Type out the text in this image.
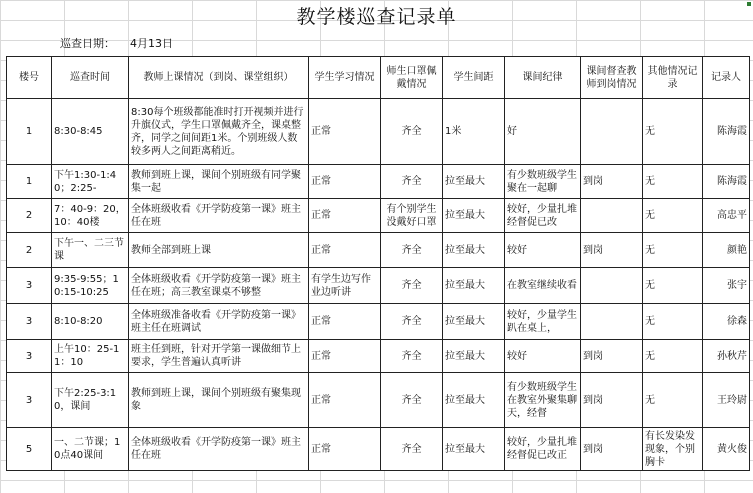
教学楼巡查记录单
巡查日期： 4月13日
楼号	巡查时间	教师上课情况（到岗、课堂组织）	学生学习情况	师生口罩佩戴情况	学生间距	课间纪律	课间督查教师到岗情况	其他情况记录	记录人

1	8:30-8:45	8:30每个班级都能准时打开视频并进行升旗仪式，学生口罩佩戴齐全，课桌整齐，同学之间间距1米。个别班级人数较多两人之间距离稍近。	正常	齐全	1米	好		无	陈海霞

1	下午1:30-1:40；2:25-	教师到班上课，课间个别班级有同学聚集一起	正常	齐全	拉至最大	有少数班级学生聚在一起聊	到岗	无	陈海霞

2	7：40-9：20，10：40楼	全体班级收看《开学防疫第一课》班主任在班	正常	有个别学生没戴好口罩	拉至最大	较好，少量扎堆经督促已改		无	高忠平

2	下午一、二三节课	教师全部到班上课	正常	齐全	拉至最大	较好	到岗	无	颜艳

3	9:35-9:55；10:15-10:25	全体班级收看《开学防疫第一课》班主任在班；高三教室课桌不够整	有学生边写作业边听讲	齐全	拉至最大	在教室继续收看		无	张宇

3	8:10-8:20	全体班级准备收看《开学防疫第一课》班主任在班调试	正常	齐全	拉至最大	较好，少量学生趴在桌上，		无	徐森

3	上午10：25-11：10	班主任到班，针对开学第一课做细节上要求，学生普遍认真听讲	正常	齐全	拉至最大	较好	到岗	无	孙秋芹

3	下午2:25-3:10，课间	教师到班上课，课间个别班级有聚集现象	正常	齐全	拉至最大	有少数班级学生在教室外聚集聊天，经督	到岗	无	王玲尉

5	一、二节课；10点40课间	全体班级收看《开学防疫第一课》班主任在班	正常	齐全	拉至最大	较好，少量扎堆经督促已改正	到岗	有长发染发现象，个别胸卡	黄火俊
